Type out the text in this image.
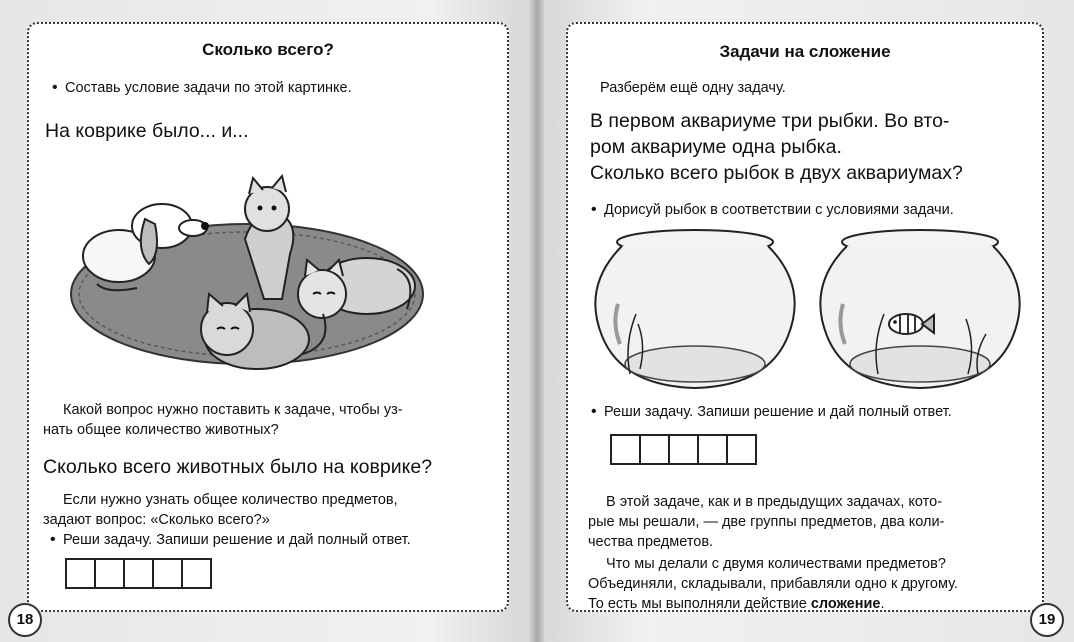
Сколько всего?
• Составь условие задачи по этой картинке.
На коврике было... и...
Какой вопрос нужно поставить к задаче, чтобы уз-
нать общее количество животных?
Сколько всего животных было на коврике?
Если нужно узнать общее количество предметов,
задают вопрос: «Сколько всего?»
• Реши задачу. Запиши решение и дай полный ответ.
18
Задачи на сложение
Разберём ещё одну задачу.
В первом аквариуме три рыбки. Во вто-
ром аквариуме одна рыбка.
Сколько всего рыбок в двух аквариумах?
• Дорисуй рыбок в соответствии с условиями задачи.
• Реши задачу. Запиши решение и дай полный ответ.
В этой задаче, как и в предыдущих задачах, кото-
рые мы решали, — две группы предметов, два коли-
чества предметов.
Что мы делали с двумя количествами предметов?
Объединяли, складывали, прибавляли одно к другому.
То есть мы выполняли действие сложение.
19
